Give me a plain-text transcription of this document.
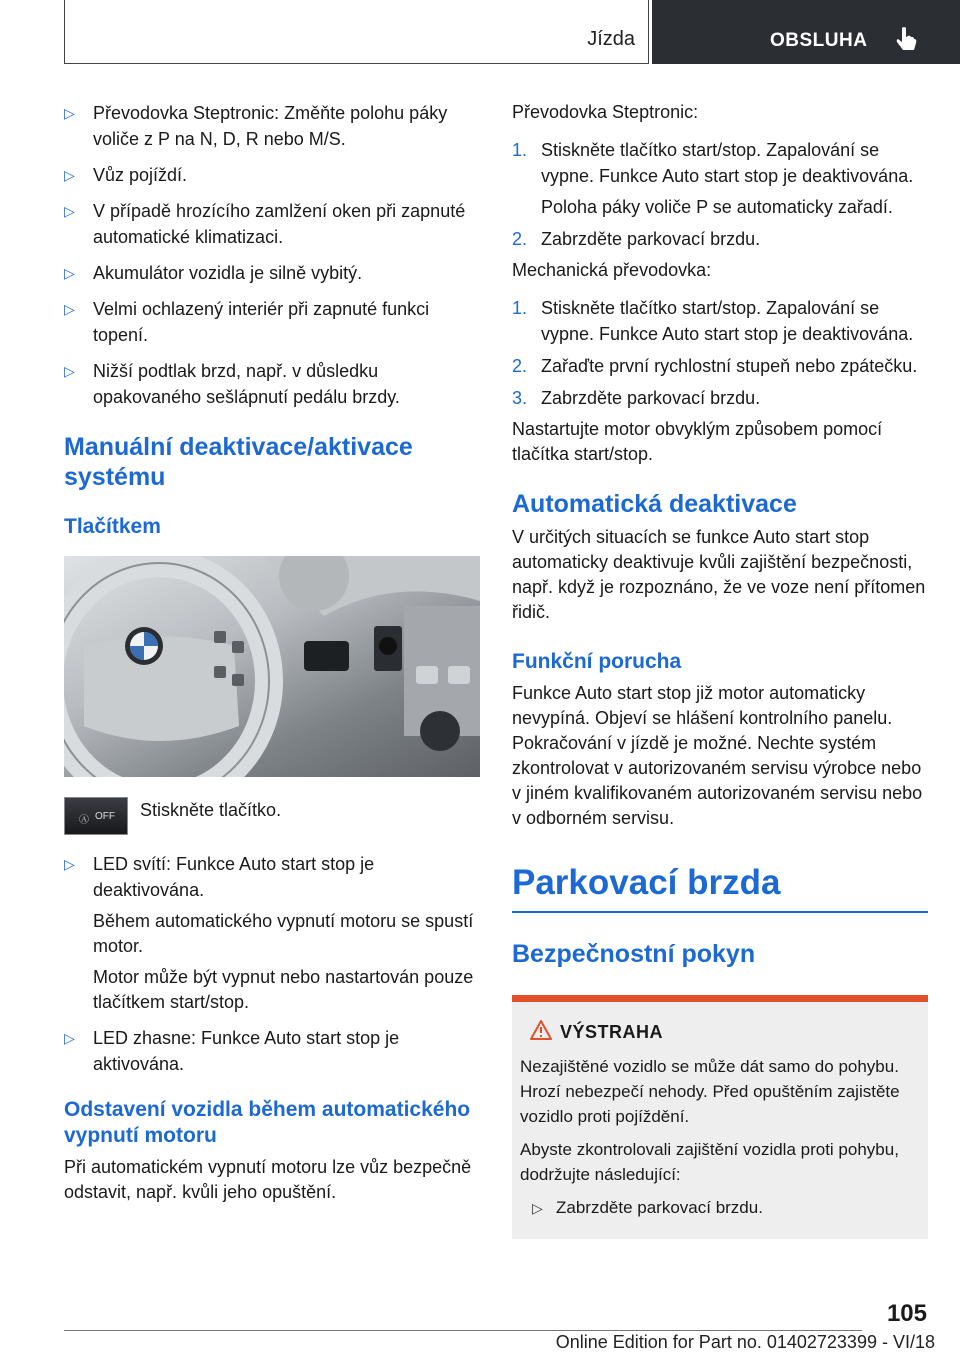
Jízda	OBSLUHA
▷ Převodovka Steptronic: Změňte polohu páky voliče z P na N, D, R nebo M/S.
▷ Vůz pojíždí.
▷ V případě hrozícího zamlžení oken při zapnuté automatické klimatizaci.
▷ Akumulátor vozidla je silně vybitý.
▷ Velmi ochlazený interiér při zapnuté funkci topení.
▷ Nižší podtlak brzd, např. v důsledku opakovaného sešlápnutí pedálu brzdy.
Manuální deaktivace/aktivace systému
Tlačítkem
Ⓐ OFF Stiskněte tlačítko.
▷ LED svítí: Funkce Auto start stop je deaktivována.

Během automatického vypnutí motoru se spustí motor.

Motor může být vypnut nebo nastartován pouze tlačítkem start/stop.

▷ LED zhasne: Funkce Auto start stop je aktivována.
Odstavení vozidla během automatického vypnutí motoru

Při automatickém vypnutí motoru lze vůz bezpečně odstavit, např. kvůli jeho opuštění.

Převodovka Steptronic:

1. Stiskněte tlačítko start/stop. Zapalování se vypne. Funkce Auto start stop je deaktivována.

Poloha páky voliče P se automaticky zařadí.

2. Zabrzděte parkovací brzdu.

Mechanická převodovka:

1. Stiskněte tlačítko start/stop. Zapalování se vypne. Funkce Auto start stop je deaktivována.
2. Zařaďte první rychlostní stupeň nebo zpátečku.
3. Zabrzděte parkovací brzdu.

Nastartujte motor obvyklým způsobem pomocí tlačítka start/stop.

Automatická deaktivace

V určitých situacích se funkce Auto start stop automaticky deaktivuje kvůli zajištění bezpečnosti, např. když je rozpoznáno, že ve voze není přítomen řidič.

Funkční porucha

Funkce Auto start stop již motor automaticky nevypíná. Objeví se hlášení kontrolního panelu. Pokračování v jízdě je možné. Nechte systém zkontrolovat v autorizovaném servisu výrobce nebo v jiném kvalifikovaném autorizovaném servisu nebo v odborném servisu.

Parkovací brzda
Bezpečnostní pokyn
VÝSTRAHA

Nezajištěné vozidlo se může dát samo do pohybu. Hrozí nebezpečí nehody. Před opuštěním zajistěte vozidlo proti pojíždění.

Abyste zkontrolovali zajištění vozidla proti pohybu, dodržujte následující:

▷ Zabrzděte parkovací brzdu.
105
Online Edition for Part no. 01402723399 - VI/18
